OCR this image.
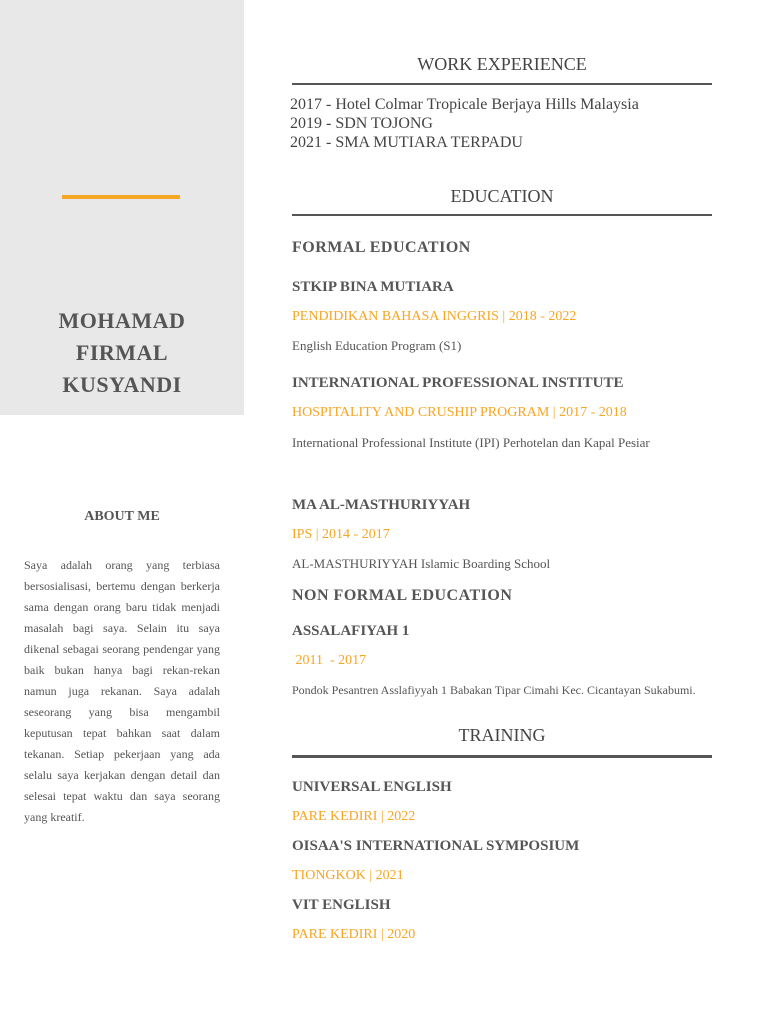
MOHAMAD
FIRMAL
KUSYANDI
ABOUT ME

Saya adalah orang yang terbiasa bersosialisasi, bertemu dengan berkerja sama dengan orang baru tidak menjadi masalah bagi saya. Selain itu saya dikenal sebagai seorang pendengar yang baik bukan hanya bagi rekan-rekan namun juga rekanan. Saya adalah seseorang yang bisa mengambil keputusan tepat bahkan saat dalam tekanan. Setiap pekerjaan yang ada selalu saya kerjakan dengan detail dan selesai tepat waktu dan saya seorang yang kreatif.

WORK EXPERIENCE
2017 - Hotel Colmar Tropicale Berjaya Hills Malaysia
2019 - SDN TOJONG
2021 - SMA MUTIARA TERPADU
EDUCATION

FORMAL EDUCATION

STKIP BINA MUTIARA

PENDIDIKAN BAHASA INGGRIS | 2018 - 2022

English Education Program (S1)

INTERNATIONAL PROFESSIONAL INSTITUTE

HOSPITALITY AND CRUSHIP PROGRAM | 2017 - 2018

International Professional Institute (IPI) Perhotelan dan Kapal Pesiar

MA AL-MASTHURIYYAH

IPS | 2014 - 2017

AL-MASTHURIYYAH Islamic Boarding School

NON FORMAL EDUCATION

ASSALAFIYAH 1

2011  - 2017

Pondok Pesantren Asslafiyyah 1 Babakan Tipar Cimahi Kec. Cicantayan Sukabumi.

TRAINING

UNIVERSAL ENGLISH

PARE KEDIRI | 2022

OISAA'S INTERNATIONAL SYMPOSIUM

TIONGKOK | 2021

VIT ENGLISH

PARE KEDIRI | 2020
